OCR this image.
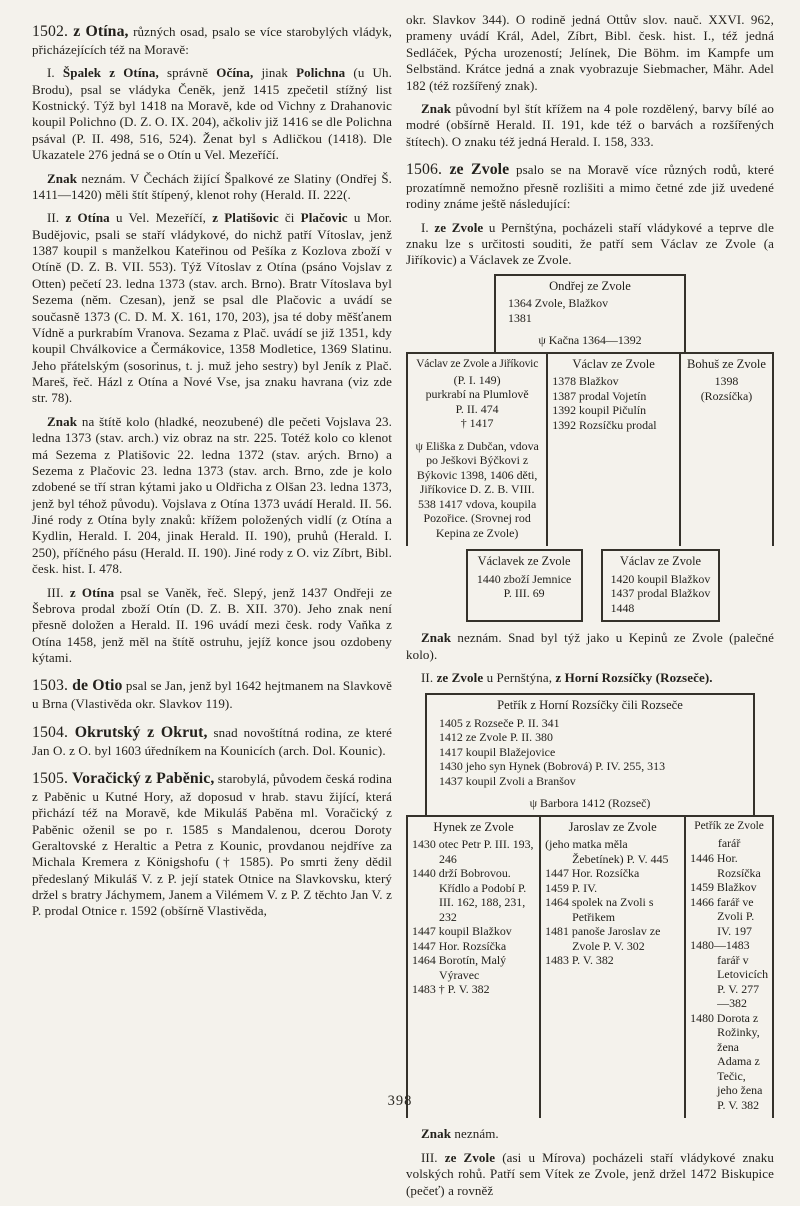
1502. z Otína, různých osad, psalo se více starobylých vládyk, přicházejících též na Moravě:

I. Špalek z Otína, správně Očína, jinak Polichna (u Uh. Brodu), psal se vládyka Čeněk, jenž 1415 zpečetil stížný list Kostnický. Týž byl 1418 na Moravě, kde od Vichny z Drahanovic koupil Polichno (D. Z. O. IX. 204), ačkoliv již 1416 se dle Polichna psával (P. II. 498, 516, 524). Ženat byl s Adličkou (1418). Dle Ukazatele 276 jedná se o Otín u Vel. Mezeříčí.

Znak neznám. V Čechách žijící Špalkové ze Slatiny (Ondřej Š. 1411—1420) měli štít štípený, klenot rohy (Herald. II. 222(.

II. z Otína u Vel. Mezeříčí, z Platišovic či Plačovic u Mor. Budějovic, psali se staří vládykové, do nichž patří Vítoslav, jenž 1387 koupil s manželkou Kateřinou od Pešíka z Kozlova zboží v Otíně (D. Z. B. VII. 553). Týž Vítoslav z Otína (psáno Vojslav z Otten) pečetí 23. ledna 1373 (stav. arch. Brno). Bratr Vítoslava byl Sezema (něm. Czesan), jenž se psal dle Plačovic a uvádí se současně 1373 (C. D. M. X. 161, 170, 203), jsa té doby měšťanem Vídně a purkrabím Vranova. Sezama z Plač. uvádí se již 1351, kdy koupil Chválkovice a Čermákovice, 1358 Modletice, 1369 Slatinu. Jeho přátelským (sosorinus, t. j. muž jeho sestry) byl Jeník z Plač. Mareš, řeč. Házl z Otína a Nové Vse, jsa znaku havrana (viz zde str. 78).

Znak na štítě kolo (hladké, neozubené) dle pečeti Vojslava 23. ledna 1373 (stav. arch.) viz obraz na str. 225. Totéž kolo co klenot má Sezema z Platišovic 22. ledna 1372 (stav. arých. Brno) a Sezema z Plačovic 23. ledna 1373 (stav. arch. Brno, zde je kolo zdobené se tří stran kýtami jako u Oldřicha z Olšan 23. ledna 1373, jenž byl téhož původu). Vojslava z Otína 1373 uvádí Herald. II. 56. Jiné rody z Otína byly znaků: křížem položených vidlí (z Otína a Kydlin, Herald. I. 204, jinak Herald. II. 190), pruhů (Herald. I. 250), příčného pásu (Herald. II. 190). Jiné rody z O. viz Zíbrt, Bibl. česk. hist. I. 478.

III. z Otína psal se Vaněk, řeč. Slepý, jenž 1437 Ondřeji ze Šebrova prodal zboží Otín (D. Z. B. XII. 370). Jeho znak není přesně doložen a Herald. II. 196 uvádí mezi česk. rody Vaňka z Otína 1458, jenž měl na štítě ostruhu, jejíž konce jsou ozdobeny kýtami.

1503. de Otio psal se Jan, jenž byl 1642 hejtmanem na Slavkově u Brna (Vlastivěda okr. Slavkov 119).

1504. Okrutský z Okrut, snad novoštítná rodina, ze které Jan O. z O. byl 1603 úředníkem na Kounicích (arch. Dol. Kounic).

1505. Voračický z Paběnic, starobylá, původem česká rodina z Paběnic u Kutné Hory, až doposud v hrab. stavu žijící, která přichází též na Moravě, kde Mikuláš Paběna ml. Voračický z Paběnic oženil se po r. 1585 s Mandalenou, dcerou Doroty Geraltovské z Heraltic a Petra z Kounic, provdanou nejdříve za Michala Kremera z Königshofu († 1585). Po smrti ženy dědil předeslaný Mikuláš V. z P. její statek Otnice na Slavkovsku, který držel s bratry Jáchymem, Janem a Vilémem V. z P. Z těchto Jan V. z P. prodal Otnice r. 1592 (obšírně Vlastivěda,

okr. Slavkov 344). O rodině jedná Ottův slov. nauč. XXVI. 962, prameny uvádí Král, Adel, Zíbrt, Bibl. česk. hist. I., též jedná Sedláček, Pýcha urozeností; Jelínek, Die Böhm. im Kampfe um Selbständ. Krátce jedná a znak vyobrazuje Siebmacher, Mähr. Adel 182 (též rozšířený znak).

Znak původní byl štít křížem na 4 pole rozdělený, barvy bílé ao modré (obšírně Herald. II. 191, kde též o barvách a rozšířených štítech). O znaku též jedná Herald. I. 158, 333.

1506. ze Zvole psalo se na Moravě více různých rodů, které prozatímně nemožno přesně rozlišiti a mimo četné zde již uvedené rodiny známe ještě následující:

I. ze Zvole u Pernštýna, pocházeli staří vládykové a teprve dle znaku lze s určitosti souditi, že patří sem Václav ze Zvole (a Jiříkovic) a Václavek ze Zvole.

Ondřej ze Zvole
1364 Zvole, Blažkov
1381
ψ Kačna 1364—1392
Václav ze Zvole a Jiříkovic
(P. I. 149)
purkrabí na Plumlově
P. II. 474
† 1417
ψ Eliška z Dubčan, vdova po Ješkovi Býčkovi z Býkovic 1398, 1406 děti, Jiříkovice D. Z. B. VIII. 538 1417 vdova, koupila Pozořice. (Srovnej rod Kepina ze Zvole)
Václav ze Zvole
1378 Blažkov
1387 prodal Vojetín
1392 koupil Pičulín
1392 Rozsíčku prodal
Bohuš ze Zvole
1398
(Rozsíčka)
Václavek ze Zvole
1440 zboží Jemnice
P. III. 69
Václav ze Zvole
1420 koupil Blažkov
1437 prodal Blažkov
1448

Znak neznám. Snad byl týž jako u Kepinů ze Zvole (palečné kolo).

II. ze Zvole u Pernštýna, z Horní Rozsíčky (Rozseče).

Petřík z Horní Rozsíčky čili Rozseče
1405 z Rozseče P. II. 341
1412 ze Zvole P. II. 380
1417 koupil Blažejovice
1430 jeho syn Hynek (Bobrová) P. IV. 255, 313
1437 koupil Zvoli a Branšov
ψ Barbora 1412 (Rozseč)
Hynek ze Zvole
1430 otec Petr P. III. 193, 246
1440 drží Bobrovou. Křídlo a Podobí P. III. 162, 188, 231, 232
1447 koupil Blažkov
1447 Hor. Rozsíčka
1464 Borotín, Malý Výravec
1483 † P. V. 382
Jaroslav ze Zvole
(jeho matka měla Žebetínek) P. V. 445
1447 Hor. Rozsíčka
1459 P. IV.
1464 spolek na Zvoli s Petřikem
1481 panoše Jaroslav ze Zvole P. V. 302
1483 P. V. 382
Petřík ze Zvole
farář
1446 Hor. Rozsíčka
1459 Blažkov
1466 farář ve Zvoli P. IV. 197
1480—1483 farář v Letovicích P. V. 277—382
1480 Dorota z Rožinky, žena Adama z Tečic, jeho žena P. V. 382

Znak neznám.

III. ze Zvole (asi u Mírova) pocházeli staří vládykové znaku volských rohů. Patří sem Vítek ze Zvole, jenž držel 1472 Biskupice (pečeť) a rovněž

398
